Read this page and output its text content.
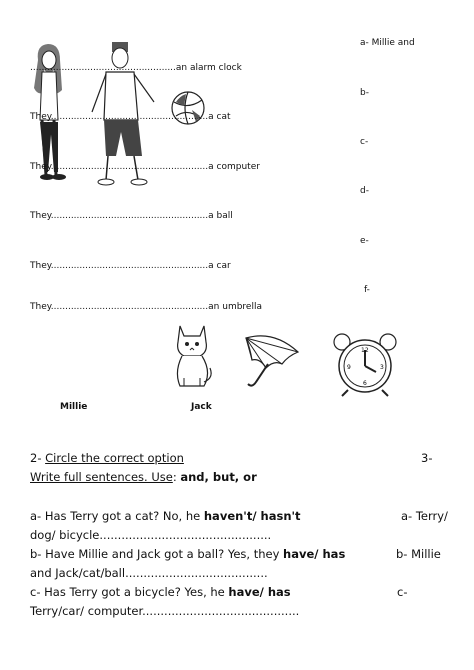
12
3
6
9
...................................................an alarm clock
They.......................................................a cat
They.......................................................a computer
They.......................................................a ball
They.......................................................a car
They.......................................................an umbrella
a- Millie and
b-
c-
d-
e-
f-
Millie	Jack
2- Circle the correct option	3-
Write full sentences. Use: and, but, or
a- Has Terry got a cat? No, he haven't/ hasn't	a- Terry/
dog/ bicycle...............................................
b- Have Millie and Jack got a ball? Yes, they have/ has	b- Millie
and Jack/cat/ball.......................................
c- Has Terry got a bicycle? Yes, he have/ has	c-
Terry/car/ computer...........................................
